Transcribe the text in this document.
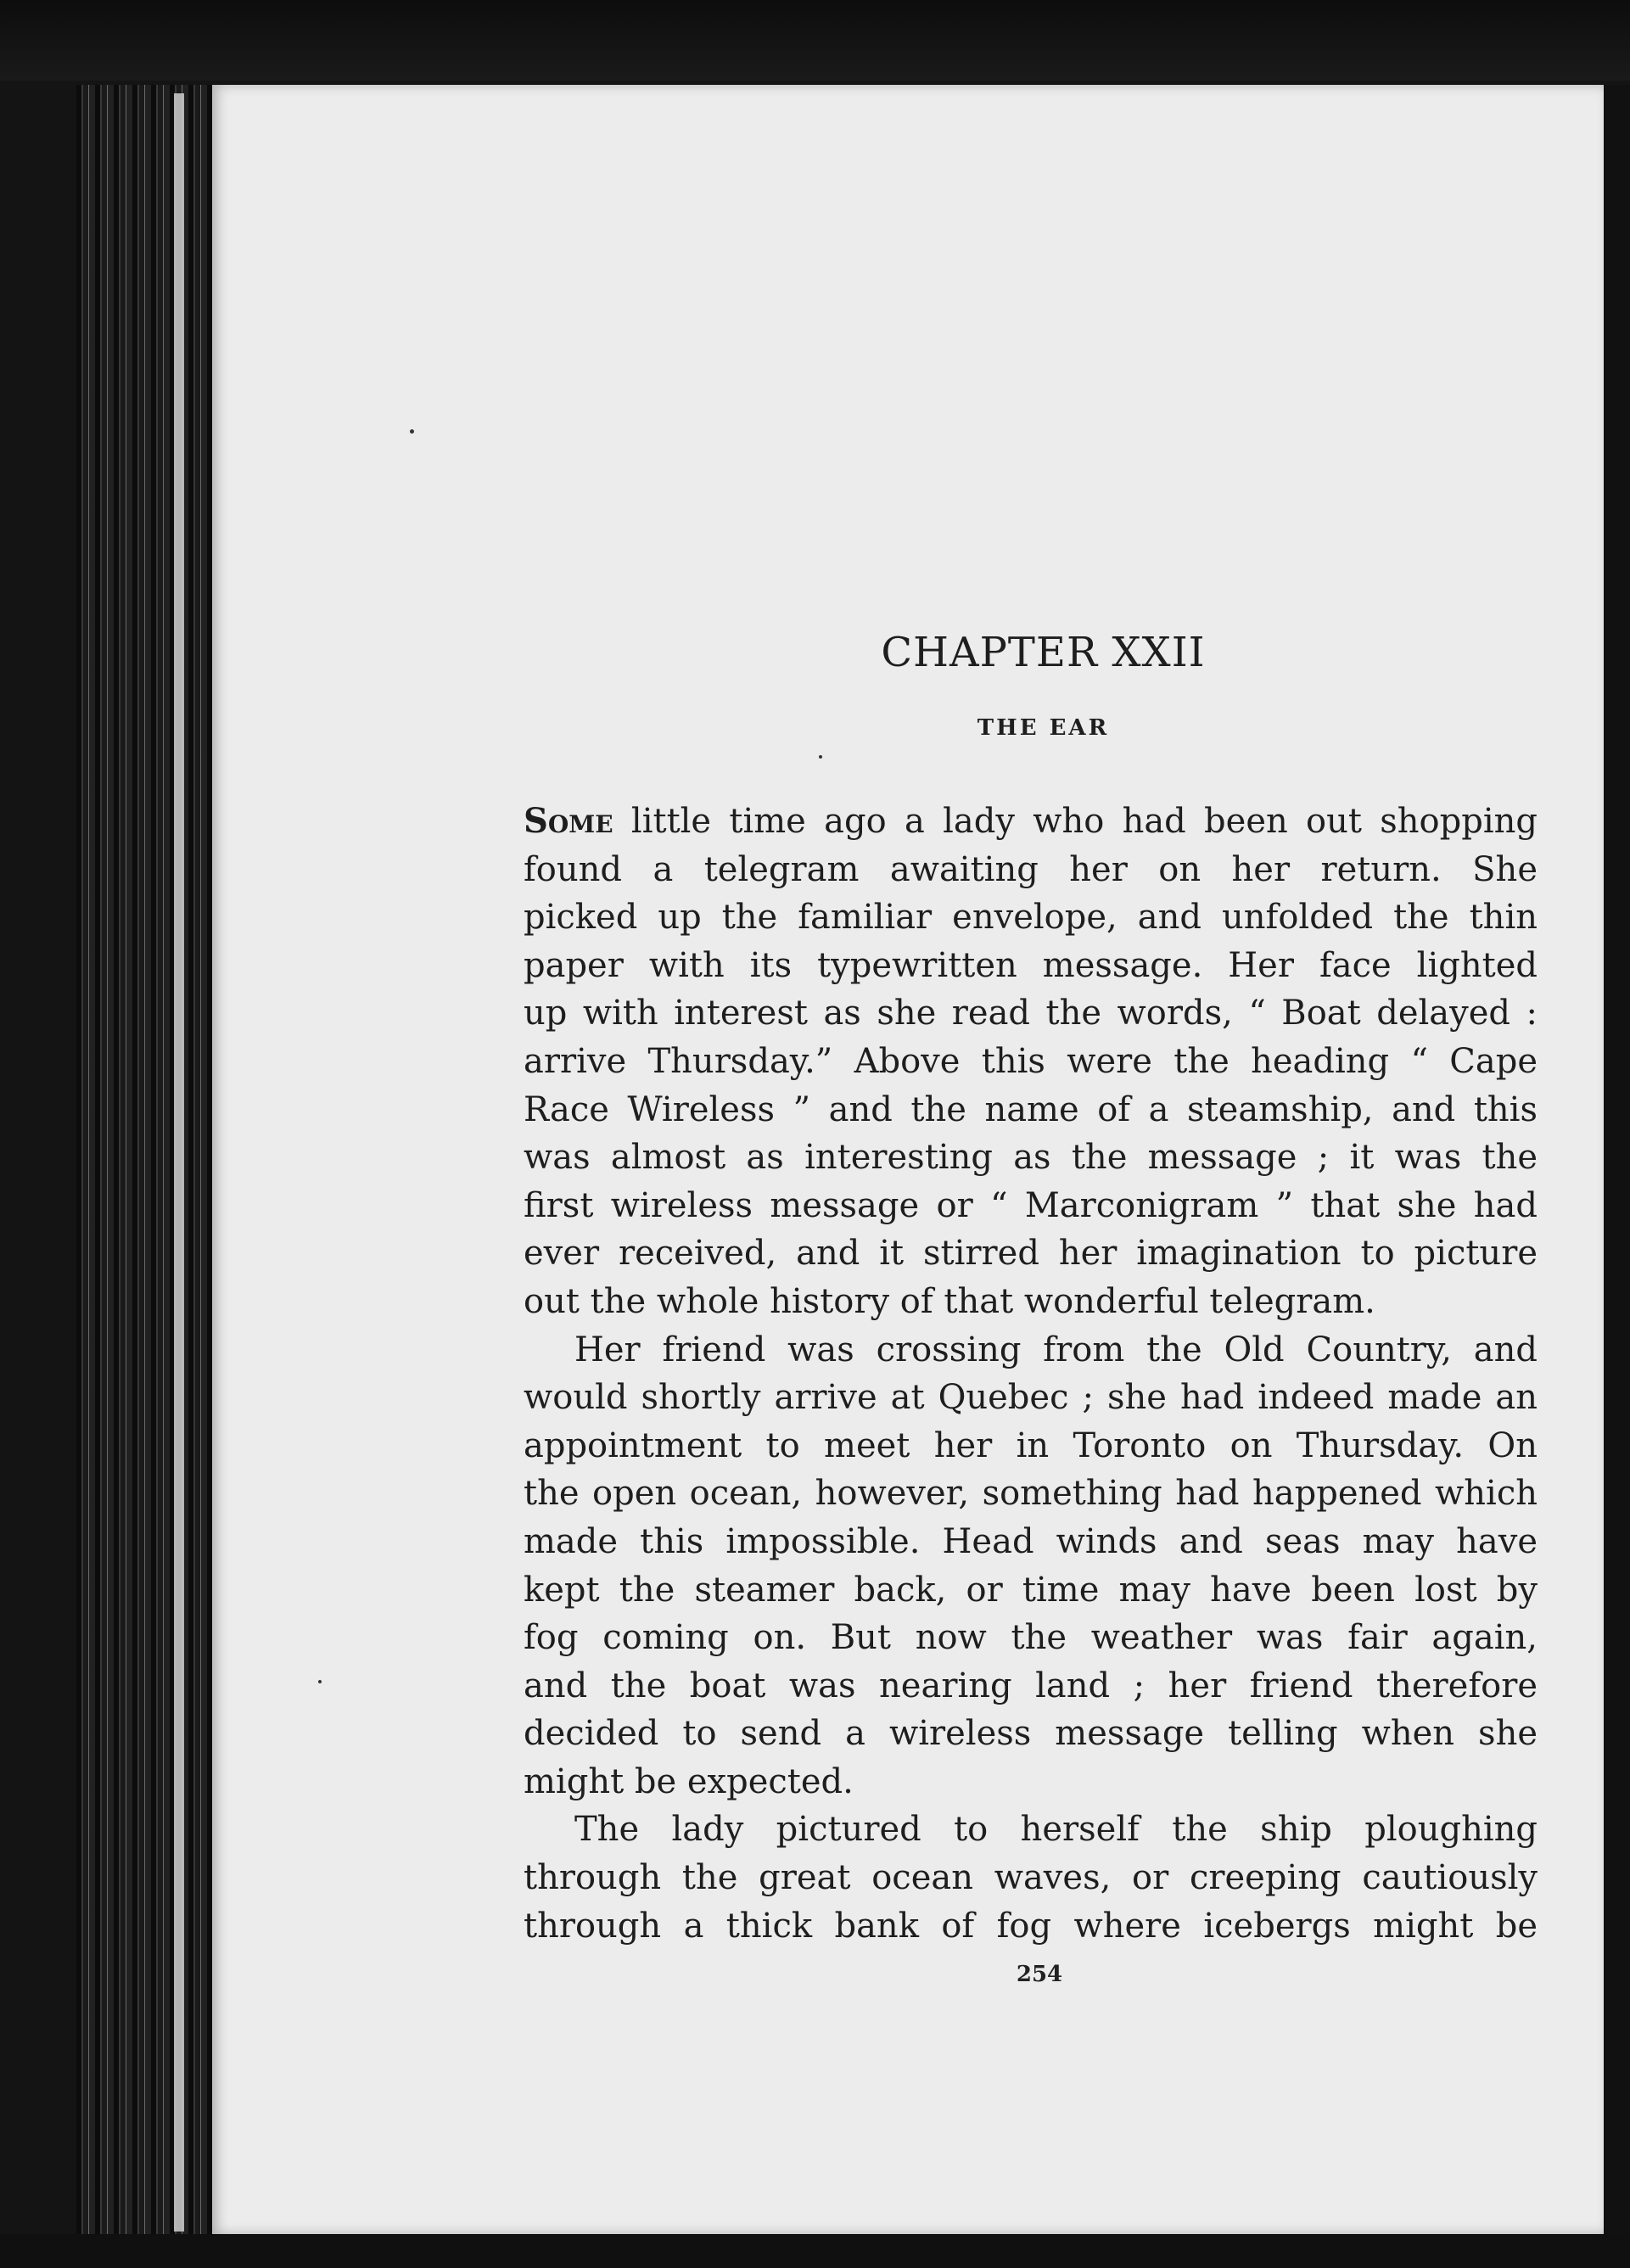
CHAPTER XXII
THE EAR

Some little time ago a lady who had been out shopping
found a telegram awaiting her on her return. She
picked up the familiar envelope, and unfolded the thin
paper with its typewritten message. Her face lighted
up with interest as she read the words, “ Boat delayed :
arrive Thursday.” Above this were the heading “ Cape
Race Wireless ” and the name of a steamship, and this
was almost as interesting as the message ; it was the
first wireless message or “ Marconigram ” that she had
ever received, and it stirred her imagination to picture
out the whole history of that wonderful telegram.

Her friend was crossing from the Old Country, and
would shortly arrive at Quebec ; she had indeed made an
appointment to meet her in Toronto on Thursday. On
the open ocean, however, something had happened which
made this impossible. Head winds and seas may have
kept the steamer back, or time may have been lost by
fog coming on. But now the weather was fair again,
and the boat was nearing land ; her friend therefore
decided to send a wireless message telling when she
might be expected.

The lady pictured to herself the ship ploughing
through the great ocean waves, or creeping cautiously
through a thick bank of fog where icebergs might be

254
